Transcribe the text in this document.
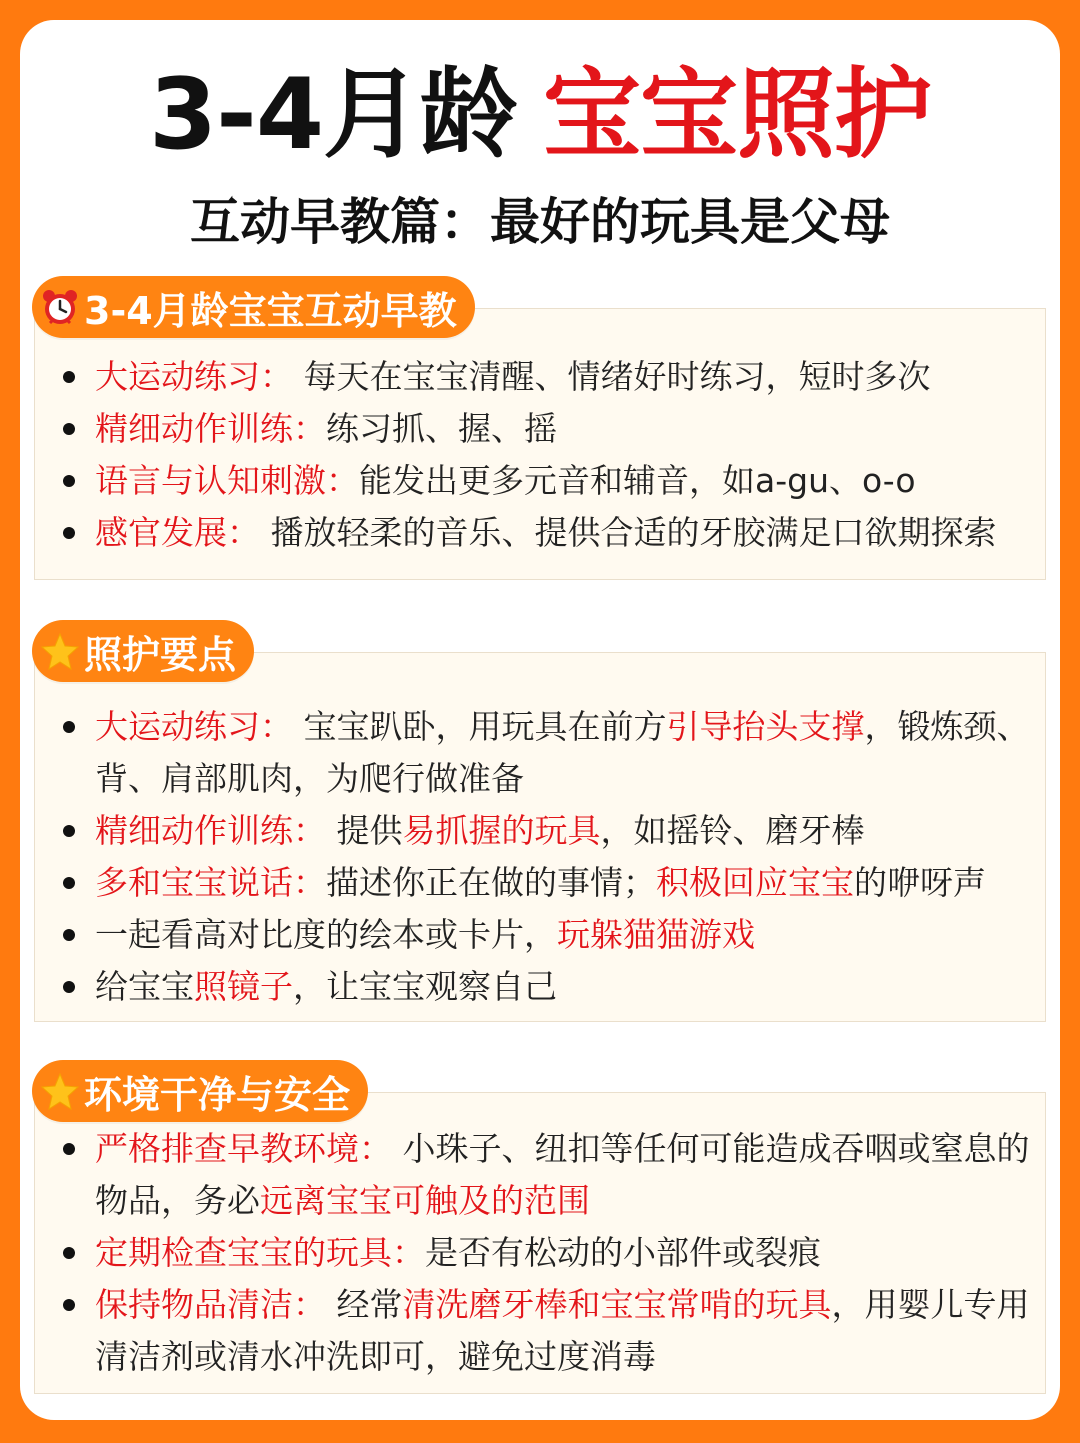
3-4月龄 宝宝照护
互动早教篇：最好的玩具是父母
大运动练习： 每天在宝宝清醒、情绪好时练习，短时多次
精细动作训练：练习抓、握、摇
语言与认知刺激：能发出更多元音和辅音，如a-gu、o-o
感官发展： 播放轻柔的音乐、提供合适的牙胶满足口欲期探索
3-4月龄宝宝互动早教
大运动练习： 宝宝趴卧，用玩具在前方引导抬头支撑，锻炼颈、背、肩部肌肉，为爬行做准备
精细动作训练： 提供易抓握的玩具，如摇铃、磨牙棒
多和宝宝说话：描述你正在做的事情；积极回应宝宝的咿呀声
一起看高对比度的绘本或卡片，玩躲猫猫游戏
给宝宝照镜子，让宝宝观察自己
照护要点
严格排查早教环境： 小珠子、纽扣等任何可能造成吞咽或窒息的物品，务必远离宝宝可触及的范围
定期检查宝宝的玩具：是否有松动的小部件或裂痕
保持物品清洁： 经常清洗磨牙棒和宝宝常啃的玩具，用婴儿专用清洁剂或清水冲洗即可，避免过度消毒
环境干净与安全
